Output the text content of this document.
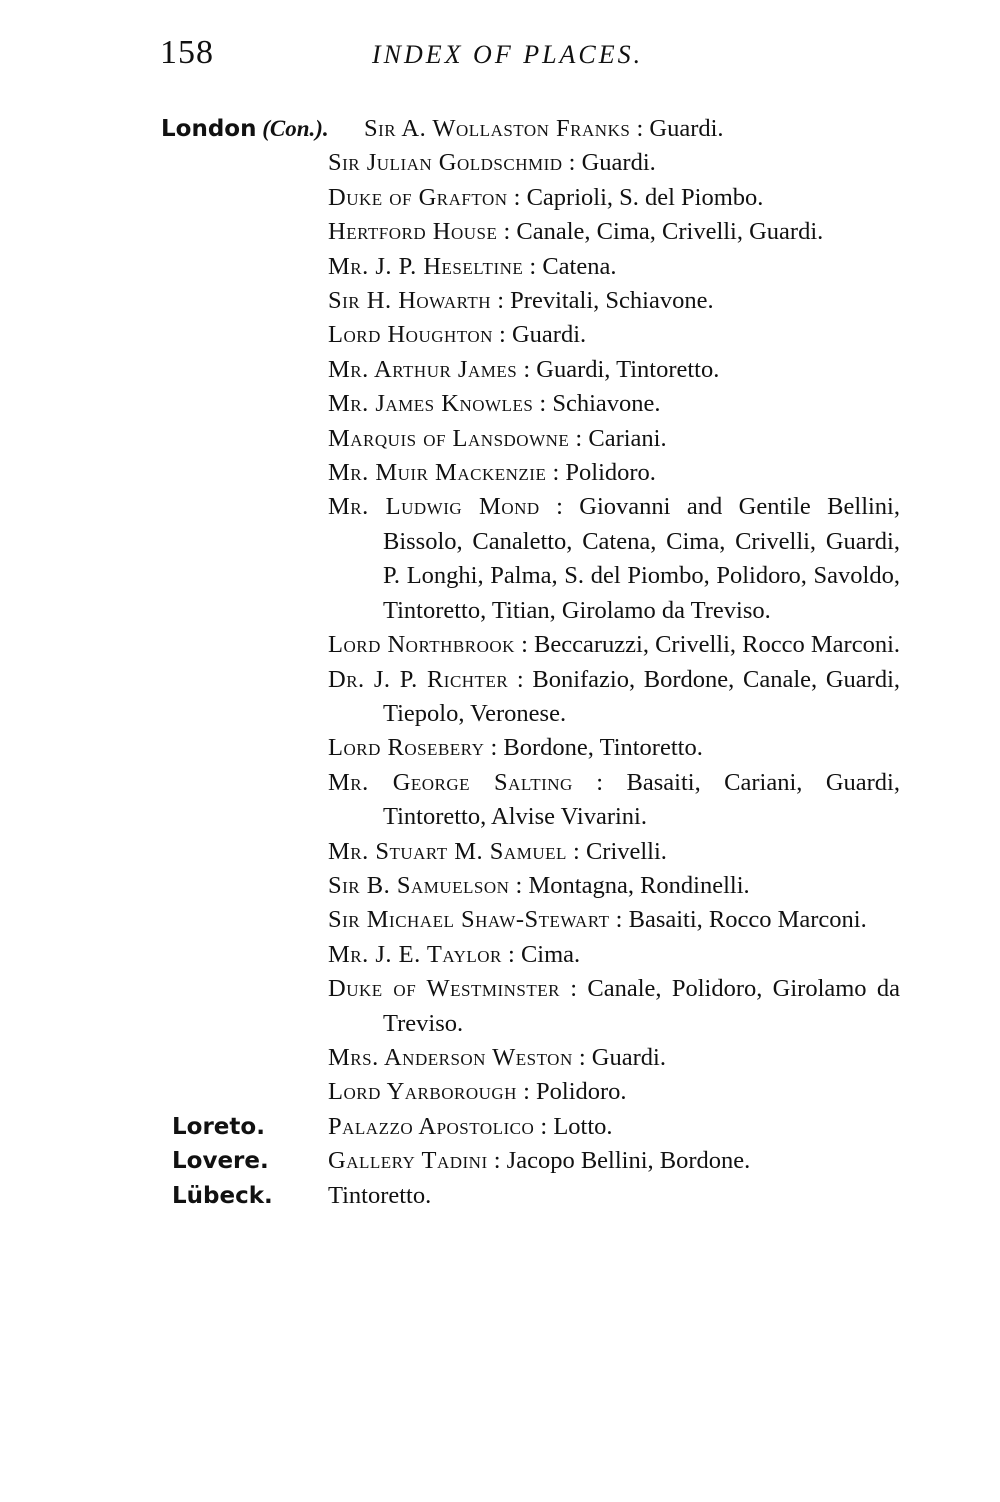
158	INDEX OF PLACES.
London (Con.). Sir A. Wollaston Franks : Guardi.
Sir Julian Goldschmid : Guardi.
Duke of Grafton : Caprioli, S. del Piombo.
Hertford House : Canale, Cima, Crivelli, Guardi.
Mr. J. P. Heseltine : Catena.
Sir H. Howarth : Previtali, Schiavone.
Lord Houghton : Guardi.
Mr. Arthur James : Guardi, Tintoretto.
Mr. James Knowles : Schiavone.
Marquis of Lansdowne : Cariani.
Mr. Muir Mackenzie : Polidoro.
Mr. Ludwig Mond : Giovanni and Gentile Bellini, Bissolo, Canaletto, Catena, Cima, Crivelli, Guardi, P. Longhi, Palma, S. del Piombo, Polidoro, Savoldo, Tintoretto, Titian, Girolamo da Treviso.
Lord Northbrook : Beccaruzzi, Crivelli, Rocco Marconi.
Dr. J. P. Richter : Bonifazio, Bordone, Canale, Guardi, Tiepolo, Veronese.
Lord Rosebery : Bordone, Tintoretto.
Mr. George Salting : Basaiti, Cariani, Guardi, Tintoretto, Alvise Vivarini.
Mr. Stuart M. Samuel : Crivelli.
Sir B. Samuelson : Montagna, Rondinelli.
Sir Michael Shaw-Stewart : Basaiti, Rocco Marconi.
Mr. J. E. Taylor : Cima.
Duke of Westminster : Canale, Polidoro, Girolamo da Treviso.
Mrs. Anderson Weston : Guardi.
Lord Yarborough : Polidoro.
Loreto.	Palazzo Apostolico : Lotto.
Lovere. Gallery Tadini : Jacopo Bellini, Bordone.
Lübeck. Tintoretto.
